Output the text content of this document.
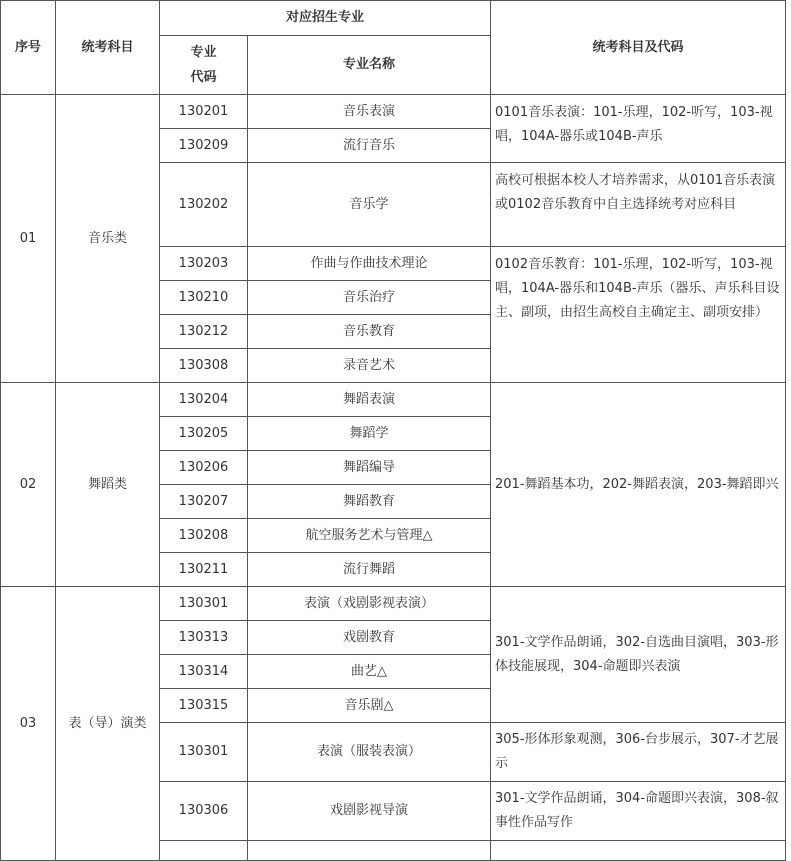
序号	统考科目	对应招生专业		统考科目及代码
		专业代码	专业名称	
01	音乐类	130201	音乐表演	0101音乐表演：101-乐理，102-听写，103-视唱，104A-器乐或104B-声乐
		130209	流行音乐	
		130202	音乐学	高校可根据本校人才培养需求，从0101音乐表演或0102音乐教育中自主选择统考对应科目
		130203	作曲与作曲技术理论	0102音乐教育：101-乐理，102-听写，103-视唱，104A-器乐和104B-声乐（器乐、声乐科目设主、副项，由招生高校自主确定主、副项安排）
		130210	音乐治疗	
		130212	音乐教育	
		130308	录音艺术	
02	舞蹈类	130204	舞蹈表演	201-舞蹈基本功，202-舞蹈表演，203-舞蹈即兴
		130205	舞蹈学	
		130206	舞蹈编导	
		130207	舞蹈教育	
		130208	航空服务艺术与管理△	
		130211	流行舞蹈	
03	表（导）演类	130301	表演（戏剧影视表演）	301-文学作品朗诵，302-自选曲目演唱，303-形体技能展现，304-命题即兴表演
		130313	戏剧教育	
		130314	曲艺△	
		130315	音乐剧△	
		130301	表演（服装表演）	305-形体形象观测，306-台步展示，307-才艺展示
		130306	戏剧影视导演	301-文学作品朗诵，304-命题即兴表演，308-叙事性作品写作
